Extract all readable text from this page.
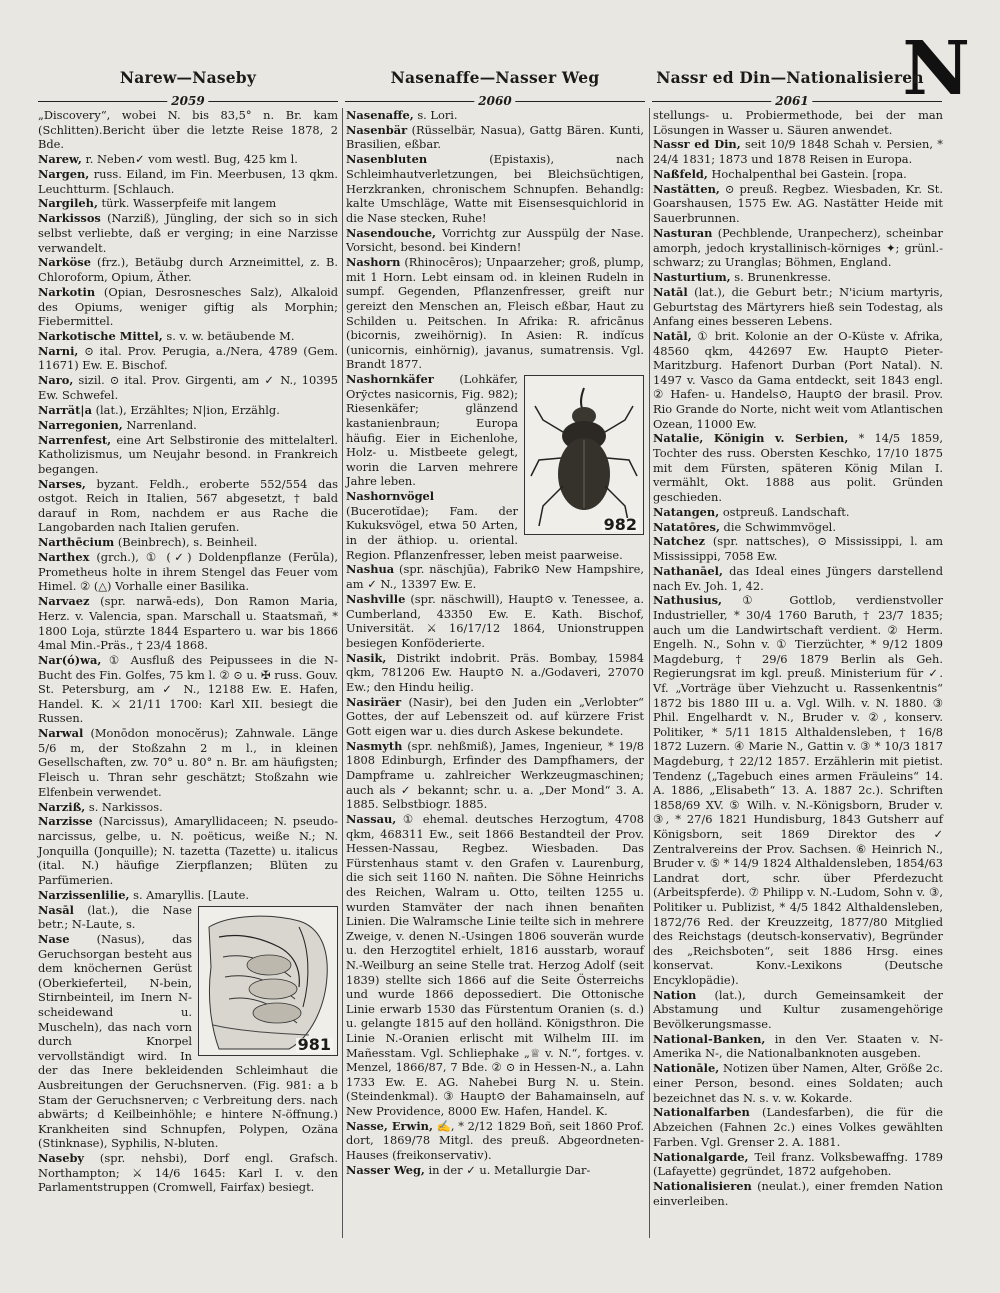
N
Narew—Naseby	Nasenaffe—Nasser Weg	Nassr ed Din—Nationalisieren
2059	2060	2061

„Discovery“, wobei N. bis 83,5° n. Br. kam (Schlitten).Bericht über die letzte Reise 1878, 2 Bde.

Narew, r. Neben✓ vom westl. Bug, 425 km l.

Nargen, russ. Eiland, im Fin. Meerbusen, 13 qkm. Leuchtturm. [Schlauch.

Nargileh, türk. Wasserpfeife mit langem

Narkissos (Narziß), Jüngling, der sich so in sich selbst verliebte, daß er verging; in eine Narzisse verwandelt.

Narköse (frz.), Betäubg durch Arzneimittel, z. B. Chloroform, Opium, Äther.

Narkotin (Opian, Desrosnesches Salz), Alkaloid des Opiums, weniger giftig als Morphin; Fiebermittel.

Narkotische Mittel, s. v. w. betäubende M.

Narni, ⊙ ital. Prov. Perugia, a./Nera, 4789 (Gem. 11671) Ew. E. Bischof.

Naro, sizil. ⊙ ital. Prov. Girgenti, am ✓ N., 10395 Ew. Schwefel.

Narrät|a (lat.), Erzähltes; N|ion, Erzählg.

Narregonien, Narrenland.

Narrenfest, eine Art Selbstironie des mittelalterl. Katholizismus, um Neujahr besond. in Frankreich begangen.

Narses, byzant. Feldh., eroberte 552/554 das ostgot. Reich in Italien, 567 abgesetzt, † bald darauf in Rom, nachdem er aus Rache die Langobarden nach Italien gerufen.

Narthēcium (Beinbrech), s. Beinheil.

Narthex (grch.), ① (✓) Doldenpflanze (Ferūla), Prometheus holte in ihrem Stengel das Feuer vom Himel. ② (△) Vorhalle einer Basilika.

Narvaez (spr. narwā-eds), Don Ramon Maria, Herz. v. Valencia, span. Marschall u. Staatsmañ, * 1800 Loja, stürzte 1844 Espartero u. war bis 1866 4mal Min.-Präs., † 23/4 1868.

Nar(ó)wa, ① Ausfluß des Peipussees in die N-Bucht des Fin. Golfes, 75 km l. ② ⊙ u. ✠ russ. Gouv. St. Petersburg, am ✓ N., 12188 Ew. E. Hafen, Handel. K. ⚔ 21/11 1700: Karl XII. besiegt die Russen.

Narwal (Monōdon monocĕrus); Zahnwale. Länge 5/6 m, der Stoßzahn 2 m l., in kleinen Gesellschaften, zw. 70° u. 80° n. Br. am häufigsten; Fleisch u. Thran sehr geschätzt; Stoßzahn wie Elfenbein verwendet.

Narziß, s. Narkissos.

Narzisse (Narcissus), Amaryllidaceen; N. pseudo-narcissus, gelbe, u. N. poëticus, weiße N.; N. Jonquilla (Jonquille); N. tazetta (Tazette) u. italicus (ital. N.) häufige Zierpflanzen; Blüten zu Parfümerien.

Narzissenlilie, s. Amaryllis. [Laute.

981

Nasāl (lat.), die Nase betr.; N-Laute, s.

Nase (Nasus), das Geruchsorgan besteht aus dem knöchernen Gerüst (Oberkieferteil, N-bein, Stirnbeinteil, im Inern N-scheidewand u. Muscheln), das nach vorn durch Knorpel vervollständigt wird. In der das Inere bekleidenden Schleimhaut die Ausbreitungen der Geruchsnerven. (Fig. 981: a b Stam der Geruchsnerven; c Verbreitung ders. nach abwärts; d Keilbeinhöhle; e hintere N-öffnung.) Krankheiten sind Schnupfen, Polypen, Ozäna (Stinknase), Syphilis, N-bluten.

Naseby (spr. nehsbi), Dorf engl. Grafsch. Northampton; ⚔ 14/6 1645: Karl I. v. den Parlamentstruppen (Cromwell, Fairfax) besiegt.

Nasenaffe, s. Lori.

Nasenbär (Rüsselbär, Nasua), Gattg Bären. Kunti, Brasilien, eßbar.

Nasenbluten	(Epistaxis), nach Schleimhautverletzungen, bei Bleichsüchtigen, Herzkranken, chronischem Schnupfen. Behandlg: kalte Umschläge, Watte mit Eisensesquichlorid in die Nase stecken, Ruhe!

Nasendouche, Vorrichtg zur Ausspülg der Nase. Vorsicht, besond. bei Kindern!

Nashorn (Rhinocēros); Unpaarzeher; groß, plump, mit 1 Horn. Lebt einsam od. in kleinen Rudeln in sumpf. Gegenden, Pflanzenfresser, greift nur gereizt den Menschen an, Fleisch eßbar, Haut zu Schilden u. Peitschen. In Afrika: R. africānus (bicornis, zweihörnig). In Asien: R. indĭcus (unicornis, einhörnig), javanus, sumatrensis. Vgl. Brandt 1877.

982

Nashornkäfer (Lohkäfer, Orўctes nasicornis, Fig. 982); Riesenkäfer; glänzend kastanienbraun; Europa häufig. Eier in Eichenlohe, Holz- u. Mistbeete gelegt, worin die Larven mehrere Jahre leben.

Nashornvögel (Bucerotĭdae); Fam. der Kukuksvögel, etwa 50 Arten, in der äthiop. u. oriental. Region. Pflanzenfresser, leben meist paarweise.

Nashua (spr. näschjūa), Fabrik⊙ New Hampshire, am ✓ N., 13397 Ew. E.

Nashville (spr. näschwill), Haupt⊙ v. Tenessee, a. Cumberland, 43350 Ew. E. Kath. Bischof, Universität. ⚔ 16/17/12 1864, Unionstruppen besiegen Konföderierte.

Nasik, Distrikt indobrit. Präs. Bombay, 15984 qkm, 781206 Ew. Haupt⊙ N. a./Godaveri, 27070 Ew.; den Hindu heilig.

Nasiräer (Nasir), bei den Juden ein „Verlobter“ Gottes, der auf Lebenszeit od. auf kürzere Frist Gott eigen war u. dies durch Askese bekundete.

Nasmyth (spr. nehßmiß), James, Ingenieur, * 19/8 1808 Edinburgh, Erfinder des Dampfhamers, der Dampframe u. zahlreicher Werkzeugmaschinen; auch als ✓ bekannt; schr. u. a. „Der Mond“ 3. A. 1885. Selbstbiogr. 1885.

Nassau, ① ehemal. deutsches Herzogtum, 4708 qkm, 468311 Ew., seit 1866 Bestandteil der Prov. Hessen-Nassau, Regbez. Wiesbaden. Das Fürstenhaus stamt v. den Grafen v. Laurenburg, die sich seit 1160 N. nañten. Die Söhne Heinrichs des Reichen, Walram u. Otto, teilten 1255 u. wurden Stamväter der nach ihnen benañten Linien. Die Walramsche Linie teilte sich in mehrere Zweige, v. denen N.-Usingen 1806 souverän wurde u. den Herzogtitel erhielt, 1816 ausstarb, worauf N.-Weilburg an seine Stelle trat. Herzog Adolf (seit 1839) stellte sich 1866 auf die Seite Österreichs und wurde 1866 depossediert. Die Ottonische Linie erwarb 1530 das Fürstentum Oranien (s. d.) u. gelangte 1815 auf den holländ. Königsthron. Die Linie N.-Oranien erlischt mit Wilhelm III. im Mañesstam. Vgl. Schliephake „♕ v. N.“, fortges. v. Menzel, 1866/87, 7 Bde. ② ⊙ in Hessen-N., a. Lahn 1733 Ew. E. AG. Nahebei Burg N. u. Stein. (Steindenkmal). ③ Haupt⊙ der Bahamainseln, auf New Providence, 8000 Ew. Hafen, Handel. K.

Nasse, Erwin, ✍, * 2/12 1829 Boñ, seit 1860 Prof. dort, 1869/78 Mitgl. des preuß. Abgeordneten-Hauses (freikonservativ).

Nasser Weg, in der ✓ u. Metallurgie Dar-

stellungs- u. Probiermethode, bei der man Lösungen in Wasser u. Säuren anwendet.

Nassr ed Din, seit 10/9 1848 Schah v. Persien, * 24/4 1831; 1873 und 1878 Reisen in Europa.

Naßfeld, Hochalpenthal bei Gastein. [ropa.

Nastätten, ⊙ preuß. Regbez. Wiesbaden, Kr. St. Goarshausen, 1575 Ew. AG. Nastätter Heide mit Sauerbrunnen.

Nasturan (Pechblende, Uranpecherz), scheinbar amorph, jedoch krystallinisch-körniges ✦; grünl.-schwarz; zu Uranglas; Böhmen, England.

Nasturtium, s. Brunenkresse.

Natāl (lat.), die Geburt betr.; N'icium martyris, Geburtstag des Märtyrers hieß sein Todestag, als Anfang eines besseren Lebens.

Natāl, ① brit. Kolonie an der O-Küste v. Afrika, 48560 qkm, 442697 Ew. Haupt⊙ Pieter-Maritzburg. Hafenort Durban (Port Natal). N. 1497 v. Vasco da Gama entdeckt, seit 1843 engl. ② Hafen- u. Handels⊙, Haupt⊙ der brasil. Prov. Rio Grande do Norte, nicht weit vom Atlantischen Ozean, 11000 Ew.

Natalie, Königin v. Serbien, * 14/5 1859, Tochter des russ. Obersten Keschko, 17/10 1875 mit dem Fürsten, späteren König Milan I. vermählt, Okt. 1888 aus polit. Gründen geschieden.

Natangen, ostpreuß. Landschaft.

Natatōres, die Schwimmvögel.

Natchez (spr. nattsches), ⊙ Mississippi, l. am Mississippi, 7058 Ew.

Nathanāel, das Ideal eines Jüngers darstellend nach Ev. Joh. 1, 42.

Nathusius, ① Gottlob, verdienstvoller Industrieller, * 30/4 1760 Baruth, † 23/7 1835; auch um die Landwirtschaft verdient. ② Herm. Engelh. N., Sohn v. ① Tierzüchter, * 9/12 1809 Magdeburg, † 29/6 1879 Berlin als Geh. Regierungsrat im kgl. preuß. Ministerium für ✓. Vf. „Vorträge über Viehzucht u. Rassenkentnis“ 1872 bis 1880 III u. a. Vgl. Wilh. v. N. 1880. ③ Phil. Engelhardt v. N., Bruder v. ②, konserv. Politiker, * 5/11 1815 Althaldensleben, † 16/8 1872 Luzern. ④ Marie N., Gattin v. ③ * 10/3 1817 Magdeburg, † 22/12 1857. Erzählerin mit pietist. Tendenz („Tagebuch eines armen Fräuleins“ 14. A. 1886, „Elisabeth“ 13. A. 1887 2c.). Schriften 1858/69 XV. ⑤ Wilh. v. N.-Königsborn, Bruder v. ③, * 27/6 1821 Hundisburg, 1843 Gutsherr auf Königsborn, seit 1869 Direktor des ✓ Zentralvereins der Prov. Sachsen. ⑥ Heinrich N., Bruder v. ⑤ * 14/9 1824 Althaldensleben, 1854/63 Landrat dort, schr. über Pferdezucht (Arbeitspferde). ⑦ Philipp v. N.-Ludom, Sohn v. ③, Politiker u. Publizist, * 4/5 1842 Althaldensleben, 1872/76 Red. der Kreuzzeitg, 1877/80 Mitglied des Reichstags (deutsch-konservativ), Begründer des „Reichsboten“, seit 1886 Hrsg. eines konservat. Konv.-Lexikons (Deutsche Encyklopädie).

Nation (lat.), durch Gemeinsamkeit der Abstamung und Kultur zusamengehörige Bevölkerungsmasse.

National-Banken, in den Ver. Staaten v. N-Amerika N-, die Nationalbanknoten ausgeben.

Nationāle, Notizen über Namen, Alter, Größe 2c. einer Person, besond. eines Soldaten; auch bezeichnet das N. s. v. w. Kokarde.

Nationalfarben (Landesfarben), die für die Abzeichen (Fahnen 2c.) eines Volkes gewählten Farben. Vgl. Grenser 2. A. 1881.

Nationalgarde, Teil franz. Volksbewaffng. 1789 (Lafayette) gegründet, 1872 aufgehoben.

Nationalisieren (neulat.), einer fremden Nation einverleiben.
